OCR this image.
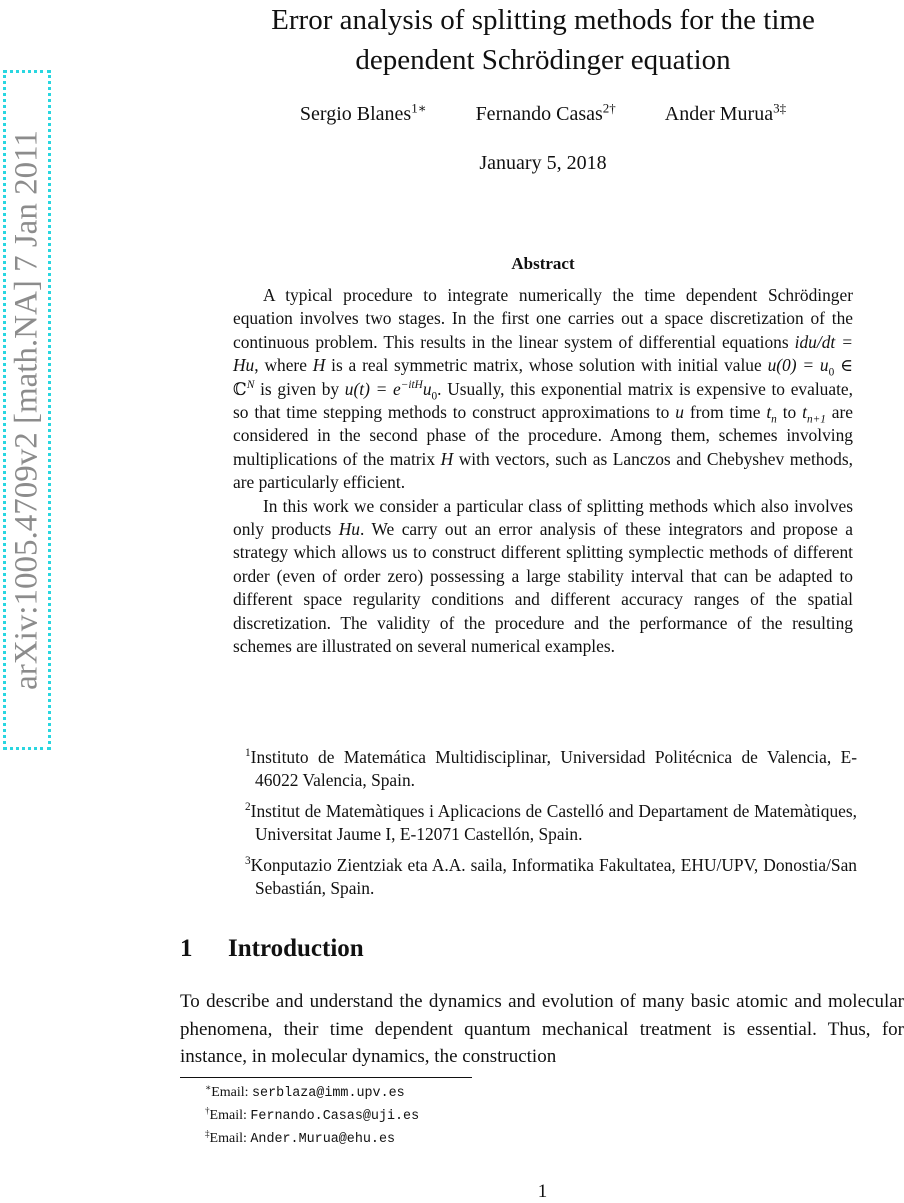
arXiv:1005.4709v2 [math.NA] 7 Jan 2011
Error analysis of splitting methods for the time
dependent Schrödinger equation
Sergio Blanes$^{1∗}$ Fernando Casas$^{2\dagger}$ Ander Murua$^{3\ddagger}$
January 5, 2018
Abstract

A typical procedure to integrate numerically the time dependent Schrödinger equation involves two stages. In the first one carries out a space discretization of the continuous problem. This results in the linear system of differential equations idu/dt = Hu, where H is a real symmetric matrix, whose solution with initial value $u(0) = u_0$ ∈ ℂ$^N$ is given by $u(t) = e^{-itH}u_0$. Usually, this exponential matrix is expensive to evaluate, so that time stepping methods to construct approximations to u from time $t_n$ to $t_{n+1}$ are considered in the second phase of the procedure. Among them, schemes involving multiplications of the matrix H with vectors, such as Lanczos and Chebyshev methods, are particularly efficient.

In this work we consider a particular class of splitting methods which also involves only products Hu. We carry out an error analysis of these integrators and propose a strategy which allows us to construct different splitting symplectic methods of different order (even of order zero) possessing a large stability interval that can be adapted to different space regularity conditions and different accuracy ranges of the spatial discretization. The validity of the procedure and the performance of the resulting schemes are illustrated on several numerical examples.

$^1$Instituto de Matemática Multidisciplinar, Universidad Politécnica de Valencia, E-46022 Valencia, Spain.
$^2$Institut de Matemàtiques i Aplicacions de Castelló and Departament de Matemàtiques, Universitat Jaume I, E-12071 Castellón, Spain.
$^3$Konputazio Zientziak eta A.A. saila, Informatika Fakultatea, EHU/UPV, Donostia/San Sebastián, Spain.
1 Introduction
To describe and understand the dynamics and evolution of many basic atomic and molecular phenomena, their time dependent quantum mechanical treatment is essential. Thus, for instance, in molecular dynamics, the construction
∗Email: serblaza@imm.upv.es
†Email: Fernando.Casas@uji.es
‡Email: Ander.Murua@ehu.es
1
